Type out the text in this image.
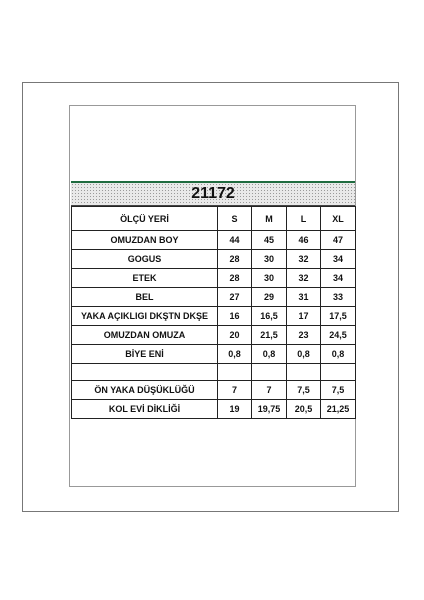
21172
ÖLÇÜ YERİ	S	M	L	XL
OMUZDAN BOY	44	45	46	47
GOGUS	28	30	32	34
ETEK	28	30	32	34
BEL	27	29	31	33
YAKA AÇIKLIGI DKŞTN DKŞE	16	16,5	17	17,5
OMUZDAN OMUZA	20	21,5	23	24,5
BİYE ENİ	0,8	0,8	0,8	0,8

ÖN YAKA DÜŞÜKLÜĞÜ	7	7	7,5	7,5
KOL EVİ DİKLİĞİ	19	19,75	20,5	21,25
